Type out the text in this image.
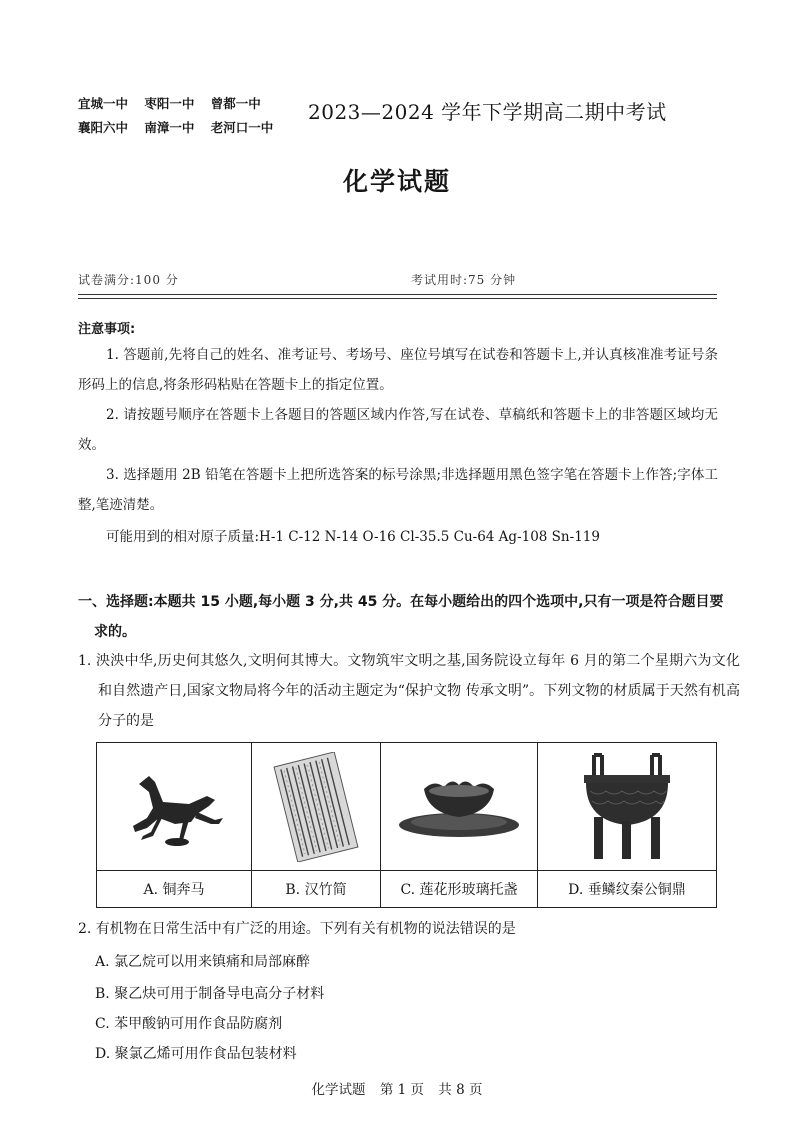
宜城一中 枣阳一中 曾都一中
襄阳六中 南漳一中 老河口一中
2023—2024 学年下学期高二期中考试
化学试题
试卷满分:100 分	考试用时:75 分钟
注意事项:
1. 答题前,先将自己的姓名、准考证号、考场号、座位号填写在试卷和答题卡上,并认真核准准考证号条形码上的信息,将条形码粘贴在答题卡上的指定位置。
2. 请按题号顺序在答题卡上各题目的答题区域内作答,写在试卷、草稿纸和答题卡上的非答题区域均无效。
3. 选择题用 2B 铅笔在答题卡上把所选答案的标号涂黑;非选择题用黑色签字笔在答题卡上作答;字体工整,笔迹清楚。
可能用到的相对原子质量:H-1 C-12 N-14 O-16 Cl-35.5 Cu-64 Ag-108 Sn-119
一、选择题:本题共 15 小题,每小题 3 分,共 45 分。在每小题给出的四个选项中,只有一项是符合题目要求的。
1. 泱泱中华,历史何其悠久,文明何其博大。文物筑牢文明之基,国务院设立每年 6 月的第二个星期六为文化和自然遗产日,国家文物局将今年的活动主题定为“保护文物 传承文明”。下列文物的材质属于天然有机高分子的是
A. 铜奔马	B. 汉竹简	C. 莲花形玻璃托盏	D. 垂鳞纹秦公铜鼎
2. 有机物在日常生活中有广泛的用途。下列有关有机物的说法错误的是
A. 氯乙烷可以用来镇痛和局部麻醉
B. 聚乙炔可用于制备导电高分子材料
C. 苯甲酸钠可用作食品防腐剂
D. 聚氯乙烯可用作食品包装材料
化学试题 第 1 页 共 8 页
